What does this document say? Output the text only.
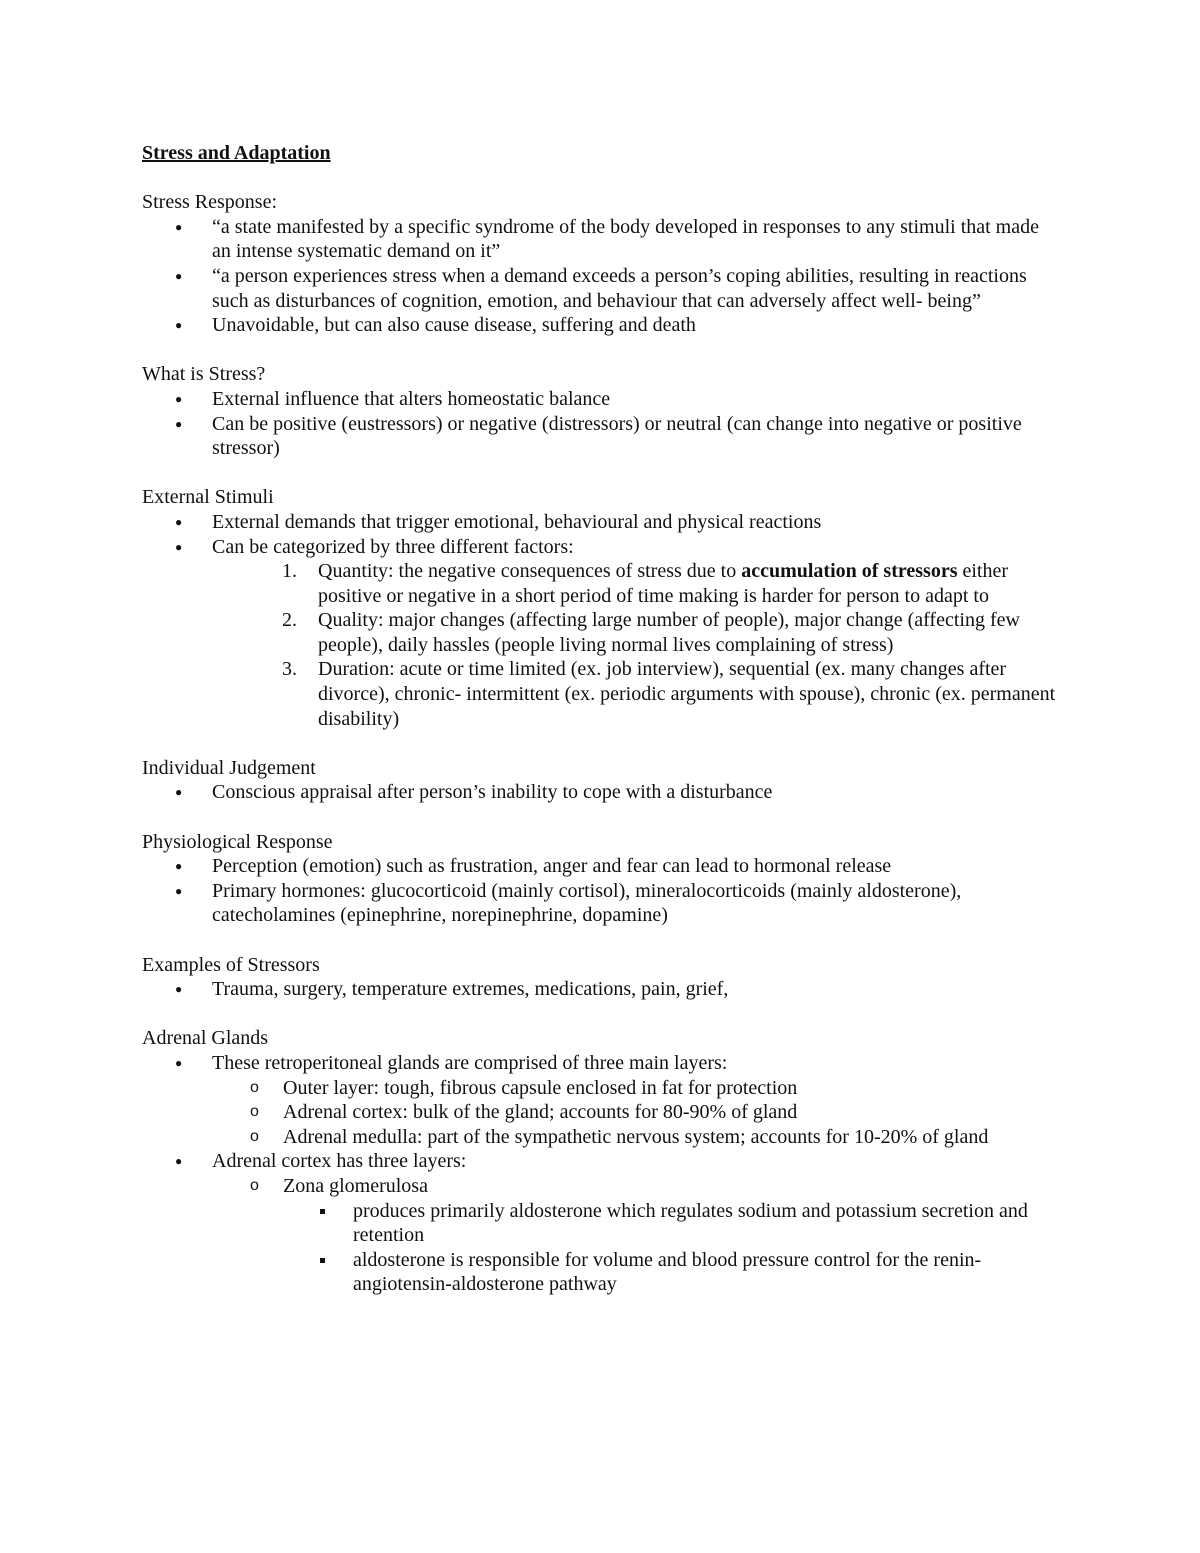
Stress and Adaptation

Stress Response:

● “a state manifested by a specific syndrome of the body developed in responses to any stimuli that made an intense systematic demand on it”
● “a person experiences stress when a demand exceeds a person’s coping abilities, resulting in reactions such as disturbances of cognition, emotion, and behaviour that can adversely affect well- being”
● Unavoidable, but can also cause disease, suffering and death

What is Stress?

● External influence that alters homeostatic balance
● Can be positive (eustressors) or negative (distressors) or neutral (can change into negative or positive stressor)

External Stimuli

● External demands that trigger emotional, behavioural and physical reactions
● Can be categorized by three different factors:
1. Quantity: the negative consequences of stress due to accumulation of stressors either positive or negative in a short period of time making is harder for person to adapt to
2. Quality: major changes (affecting large number of people), major change (affecting few people), daily hassles (people living normal lives complaining of stress)
3. Duration: acute or time limited (ex. job interview), sequential (ex. many changes after divorce), chronic- intermittent (ex. periodic arguments with spouse), chronic (ex. permanent disability)

Individual Judgement

● Conscious appraisal after person’s inability to cope with a disturbance

Physiological Response

● Perception (emotion) such as frustration, anger and fear can lead to hormonal release
● Primary hormones: glucocorticoid (mainly cortisol), mineralocorticoids (mainly aldosterone), catecholamines (epinephrine, norepinephrine, dopamine)

Examples of Stressors

● Trauma, surgery, temperature extremes, medications, pain, grief,

Adrenal Glands

● These retroperitoneal glands are comprised of three main layers:
o Outer layer: tough, fibrous capsule enclosed in fat for protection
o Adrenal cortex: bulk of the gland; accounts for 80-90% of gland
o Adrenal medulla: part of the sympathetic nervous system; accounts for 10-20% of gland
● Adrenal cortex has three layers:
o Zona glomerulosa
produces primarily aldosterone which regulates sodium and potassium secretion and retention
aldosterone is responsible for volume and blood pressure control for the renin-angiotensin-aldosterone pathway
